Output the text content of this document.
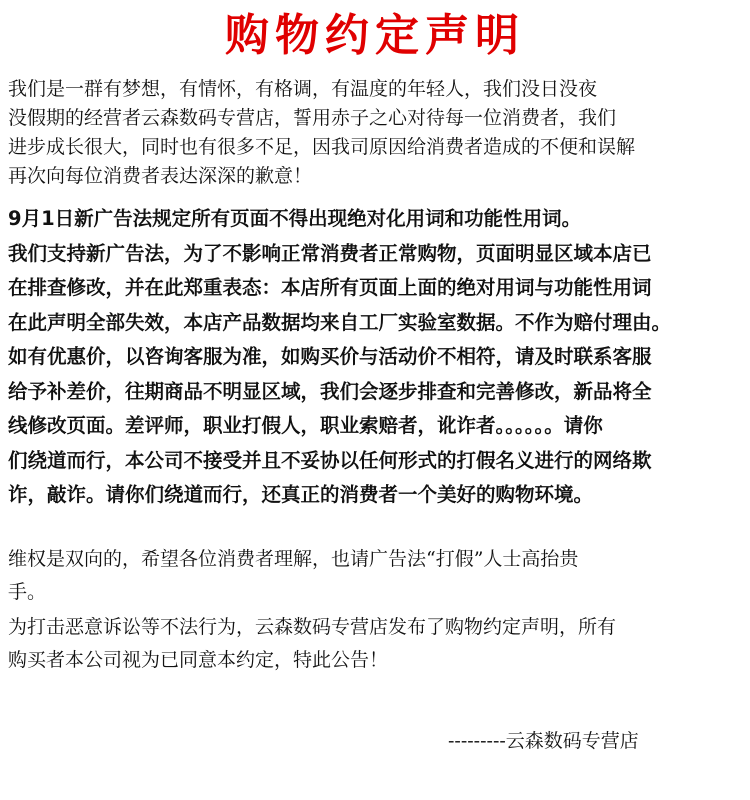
购物约定声明
我们是一群有梦想，有情怀，有格调，有温度的年轻人，我们没日没夜
没假期的经营者云森数码专营店，誓用赤子之心对待每一位消费者，我们
进步成长很大，同时也有很多不足，因我司原因给消费者造成的不便和误解
再次向每位消费者表达深深的歉意！
9月1日新广告法规定所有页面不得出现绝对化用词和功能性用词。
我们支持新广告法，为了不影响正常消费者正常购物，页面明显区域本店已
在排查修改，并在此郑重表态：本店所有页面上面的绝对用词与功能性用词
在此声明全部失效，本店产品数据均来自工厂实验室数据。不作为赔付理由。
如有优惠价，以咨询客服为准，如购买价与活动价不相符，请及时联系客服
给予补差价，往期商品不明显区域，我们会逐步排查和完善修改，新品将全
线修改页面。差评师，职业打假人，职业索赔者，讹诈者。。。。。。请你
们绕道而行，本公司不接受并且不妥协以任何形式的打假名义进行的网络欺
诈，敲诈。请你们绕道而行，还真正的消费者一个美好的购物环境。
维权是双向的，希望各位消费者理解，也请广告法“打假”人士高抬贵
手。
为打击恶意诉讼等不法行为，云森数码专营店发布了购物约定声明，所有
购买者本公司视为已同意本约定，特此公告！
---------云森数码专营店
